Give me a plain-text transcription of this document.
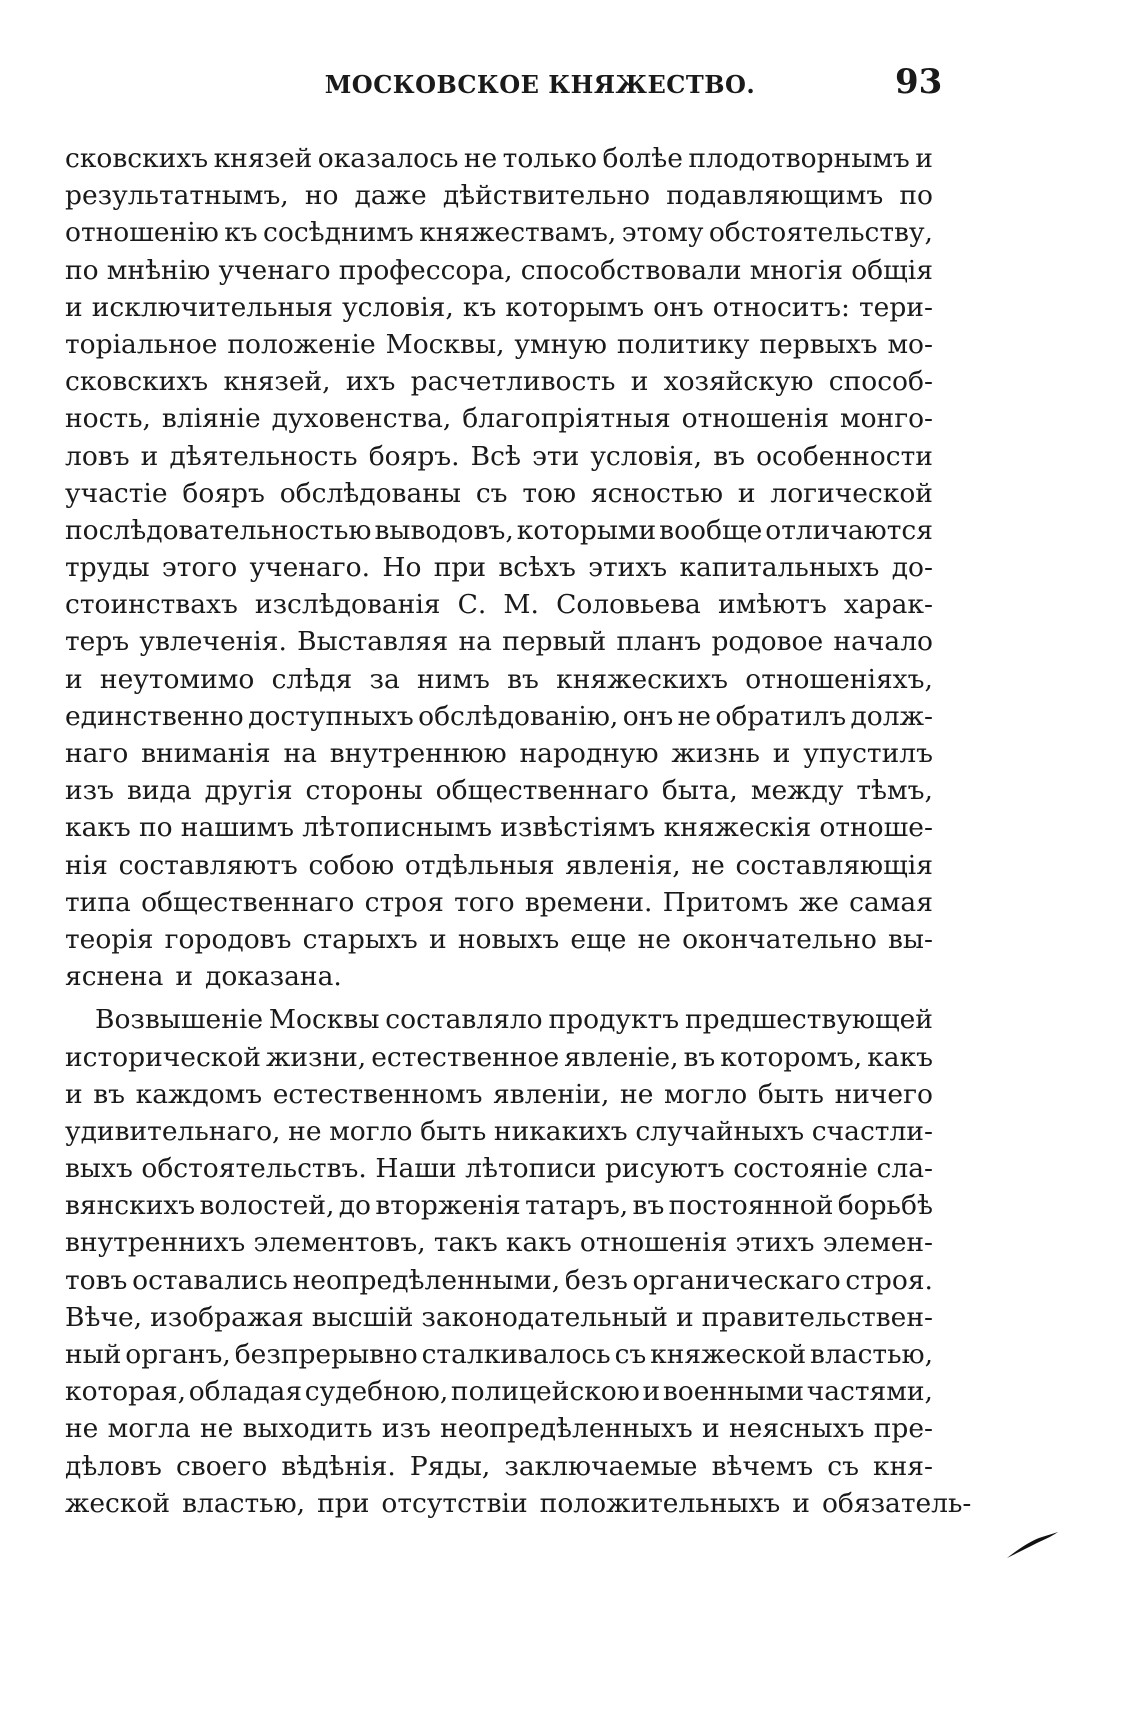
МОСКОВСКОЕ КНЯЖЕСТВО.	93
сковскихъ князей оказалось не только болѣе плодотворнымъ и
результатнымъ, но даже дѣйствительно подавляющимъ по
отношенію къ сосѣднимъ княжествамъ, этому обстоятельству,
по мнѣнію ученаго профессора, способствовали многія общія
и исключительныя условія, къ которымъ онъ относитъ: тери-
торіальное положеніе Москвы, умную политику первыхъ мо-
сковскихъ князей, ихъ расчетливость и хозяйскую способ-
ность, вліяніе духовенства, благопріятныя отношенія монго-
ловъ и дѣятельность бояръ. Всѣ эти условія, въ особенности
участіе бояръ обслѣдованы съ тою ясностью и логической
послѣдовательностью выводовъ, которыми вообще отличаются
труды этого ученаго. Но при всѣхъ этихъ капитальныхъ до-
стоинствахъ изслѣдованія С. М. Соловьева имѣютъ харак-
теръ увлеченія. Выставляя на первый планъ родовое начало
и неутомимо слѣдя за нимъ въ княжескихъ отношеніяхъ,
единственно доступныхъ обслѣдованію, онъ не обратилъ долж-
наго вниманія на внутреннюю народную жизнь и упустилъ
изъ вида другія стороны общественнаго быта, между тѣмъ,
какъ по нашимъ лѣтописнымъ извѣстіямъ княжескія отноше-
нія составляютъ собою отдѣльныя явленія, не составляющія
типа общественнаго строя того времени. Притомъ же самая
теорія городовъ старыхъ и новыхъ еще не окончательно вы-
яснена и доказана.
Возвышеніе Москвы составляло продуктъ предшествующей
исторической жизни, естественное явленіе, въ которомъ, какъ
и въ каждомъ естественномъ явленіи, не могло быть ничего
удивительнаго, не могло быть никакихъ случайныхъ счастли-
выхъ обстоятельствъ. Наши лѣтописи рисуютъ состояніе сла-
вянскихъ волостей, до вторженія татаръ, въ постоянной борьбѣ
внутреннихъ элементовъ, такъ какъ отношенія этихъ элемен-
товъ оставались неопредѣленными, безъ органическаго строя.
Вѣче, изображая высшій законодательный и правительствен-
ный органъ, безпрерывно сталкивалось съ княжеской властью,
которая, обладая судебною, полицейскою и военными частями,
не могла не выходить изъ неопредѣленныхъ и неясныхъ пре-
дѣловъ своего вѣдѣнія. Ряды, заключаемые вѣчемъ съ кня-
жеской властью, при отсутствіи положительныхъ и обязатель-
